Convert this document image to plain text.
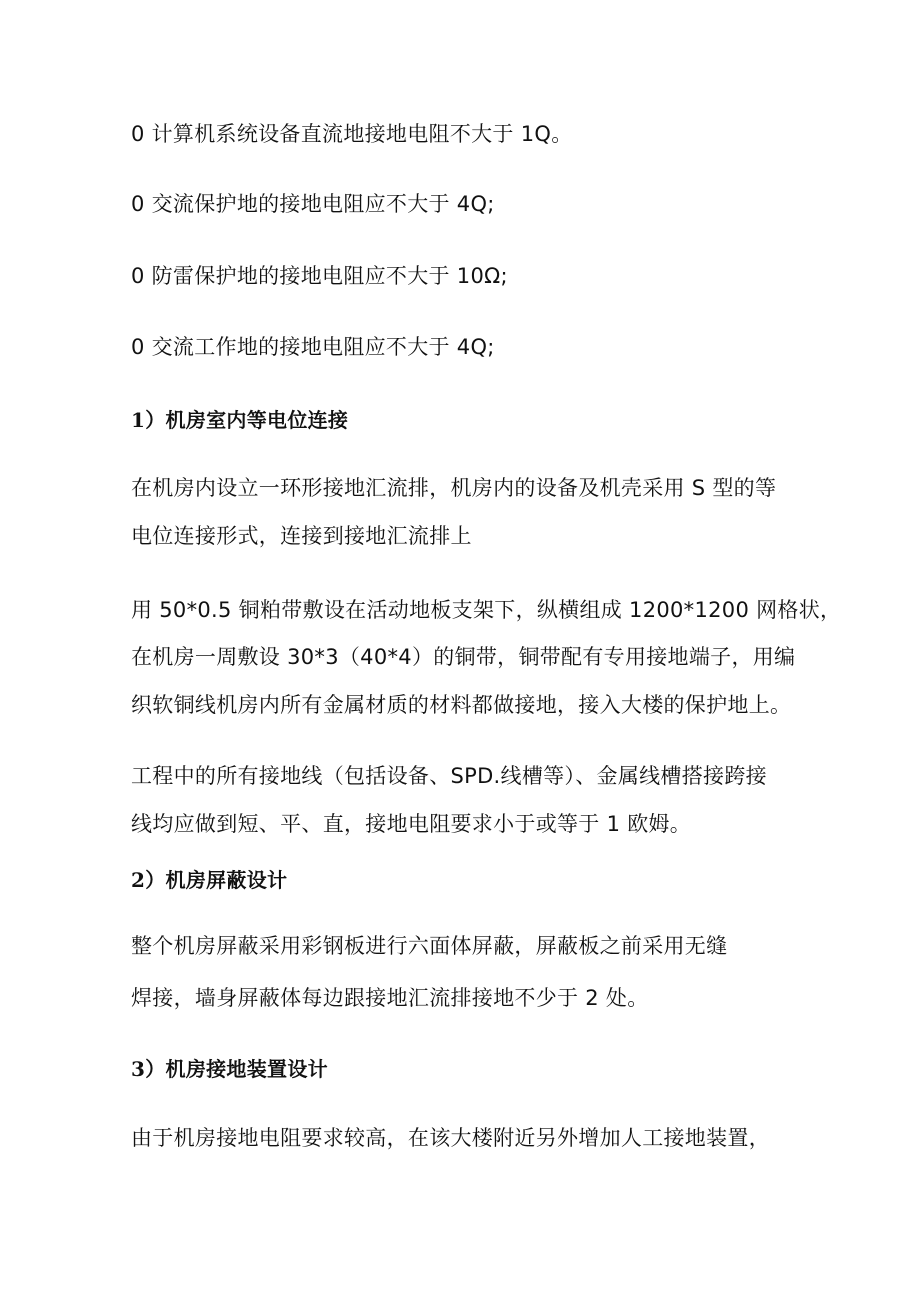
0 计算机系统设备直流地接地电阻不大于 1Q。
0 交流保护地的接地电阻应不大于 4Q;
0 防雷保护地的接地电阻应不大于 10Ω;
0 交流工作地的接地电阻应不大于 4Q;
1）机房室内等电位连接
在机房内设立一环形接地汇流排，机房内的设备及机壳采用 S 型的等
电位连接形式，连接到接地汇流排上
用 50*0.5 铜粕带敷设在活动地板支架下，纵横组成 1200*1200 网格状，
在机房一周敷设 30*3（40*4）的铜带，铜带配有专用接地端子，用编
织软铜线机房内所有金属材质的材料都做接地，接入大楼的保护地上。
工程中的所有接地线（包括设备、SPD.线槽等）、金属线槽搭接跨接
线均应做到短、平、直，接地电阻要求小于或等于 1 欧姆。
2）机房屏蔽设计
整个机房屏蔽采用彩钢板进行六面体屏蔽，屏蔽板之前采用无缝
焊接，墙身屏蔽体每边跟接地汇流排接地不少于 2 处。
3）机房接地装置设计
由于机房接地电阻要求较高，在该大楼附近另外增加人工接地装置，
